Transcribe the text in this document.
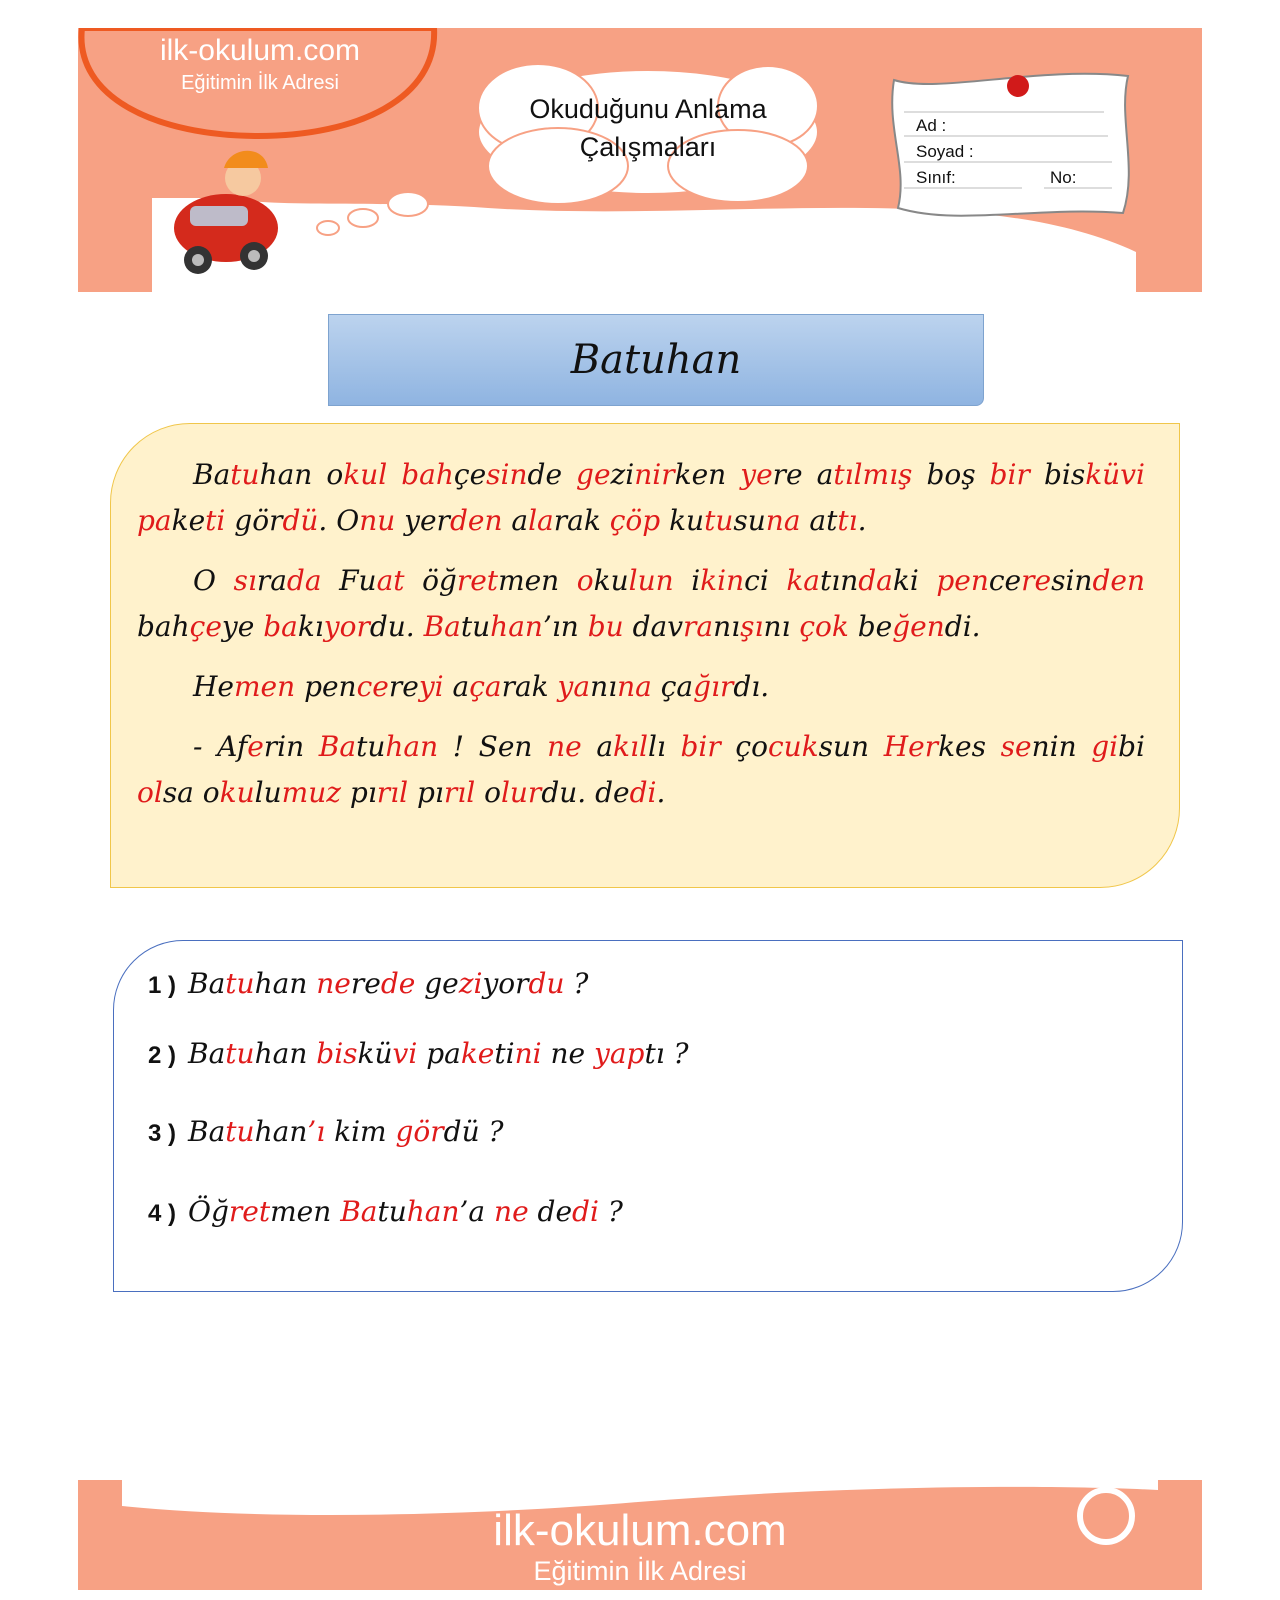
ilk-okulum.com
Eğitimin İlk Adresi
Okuduğunu Anlama
Çalışmaları
Ad :
Soyad :
Sınıf:	No:
Batuhan

Batuhan okul bahçesinde gezinirken yere atılmış boş bir bisküvi paketi gördü. Onu yerden alarak çöp kutusuna attı.

O sırada Fuat öğretmen okulun ikinci katındaki penceresinden bahçeye bakıyordu. Batuhan’ın bu davranışını çok beğendi.

Hemen pencereyi açarak yanına çağırdı.

- Aferin Batuhan ! Sen ne akıllı bir çocuksun Herkes senin gibi olsa okulumuz pırıl pırıl olurdu. dedi.

1 ) Batuhan nerede geziyordu ?
2 ) Batuhan bisküvi paketini ne yaptı ?
3 ) Batuhan’ı kim gördü ?
4 ) Öğretmen Batuhan’a ne dedi ?
ilk-okulum.com
Eğitimin İlk Adresi
